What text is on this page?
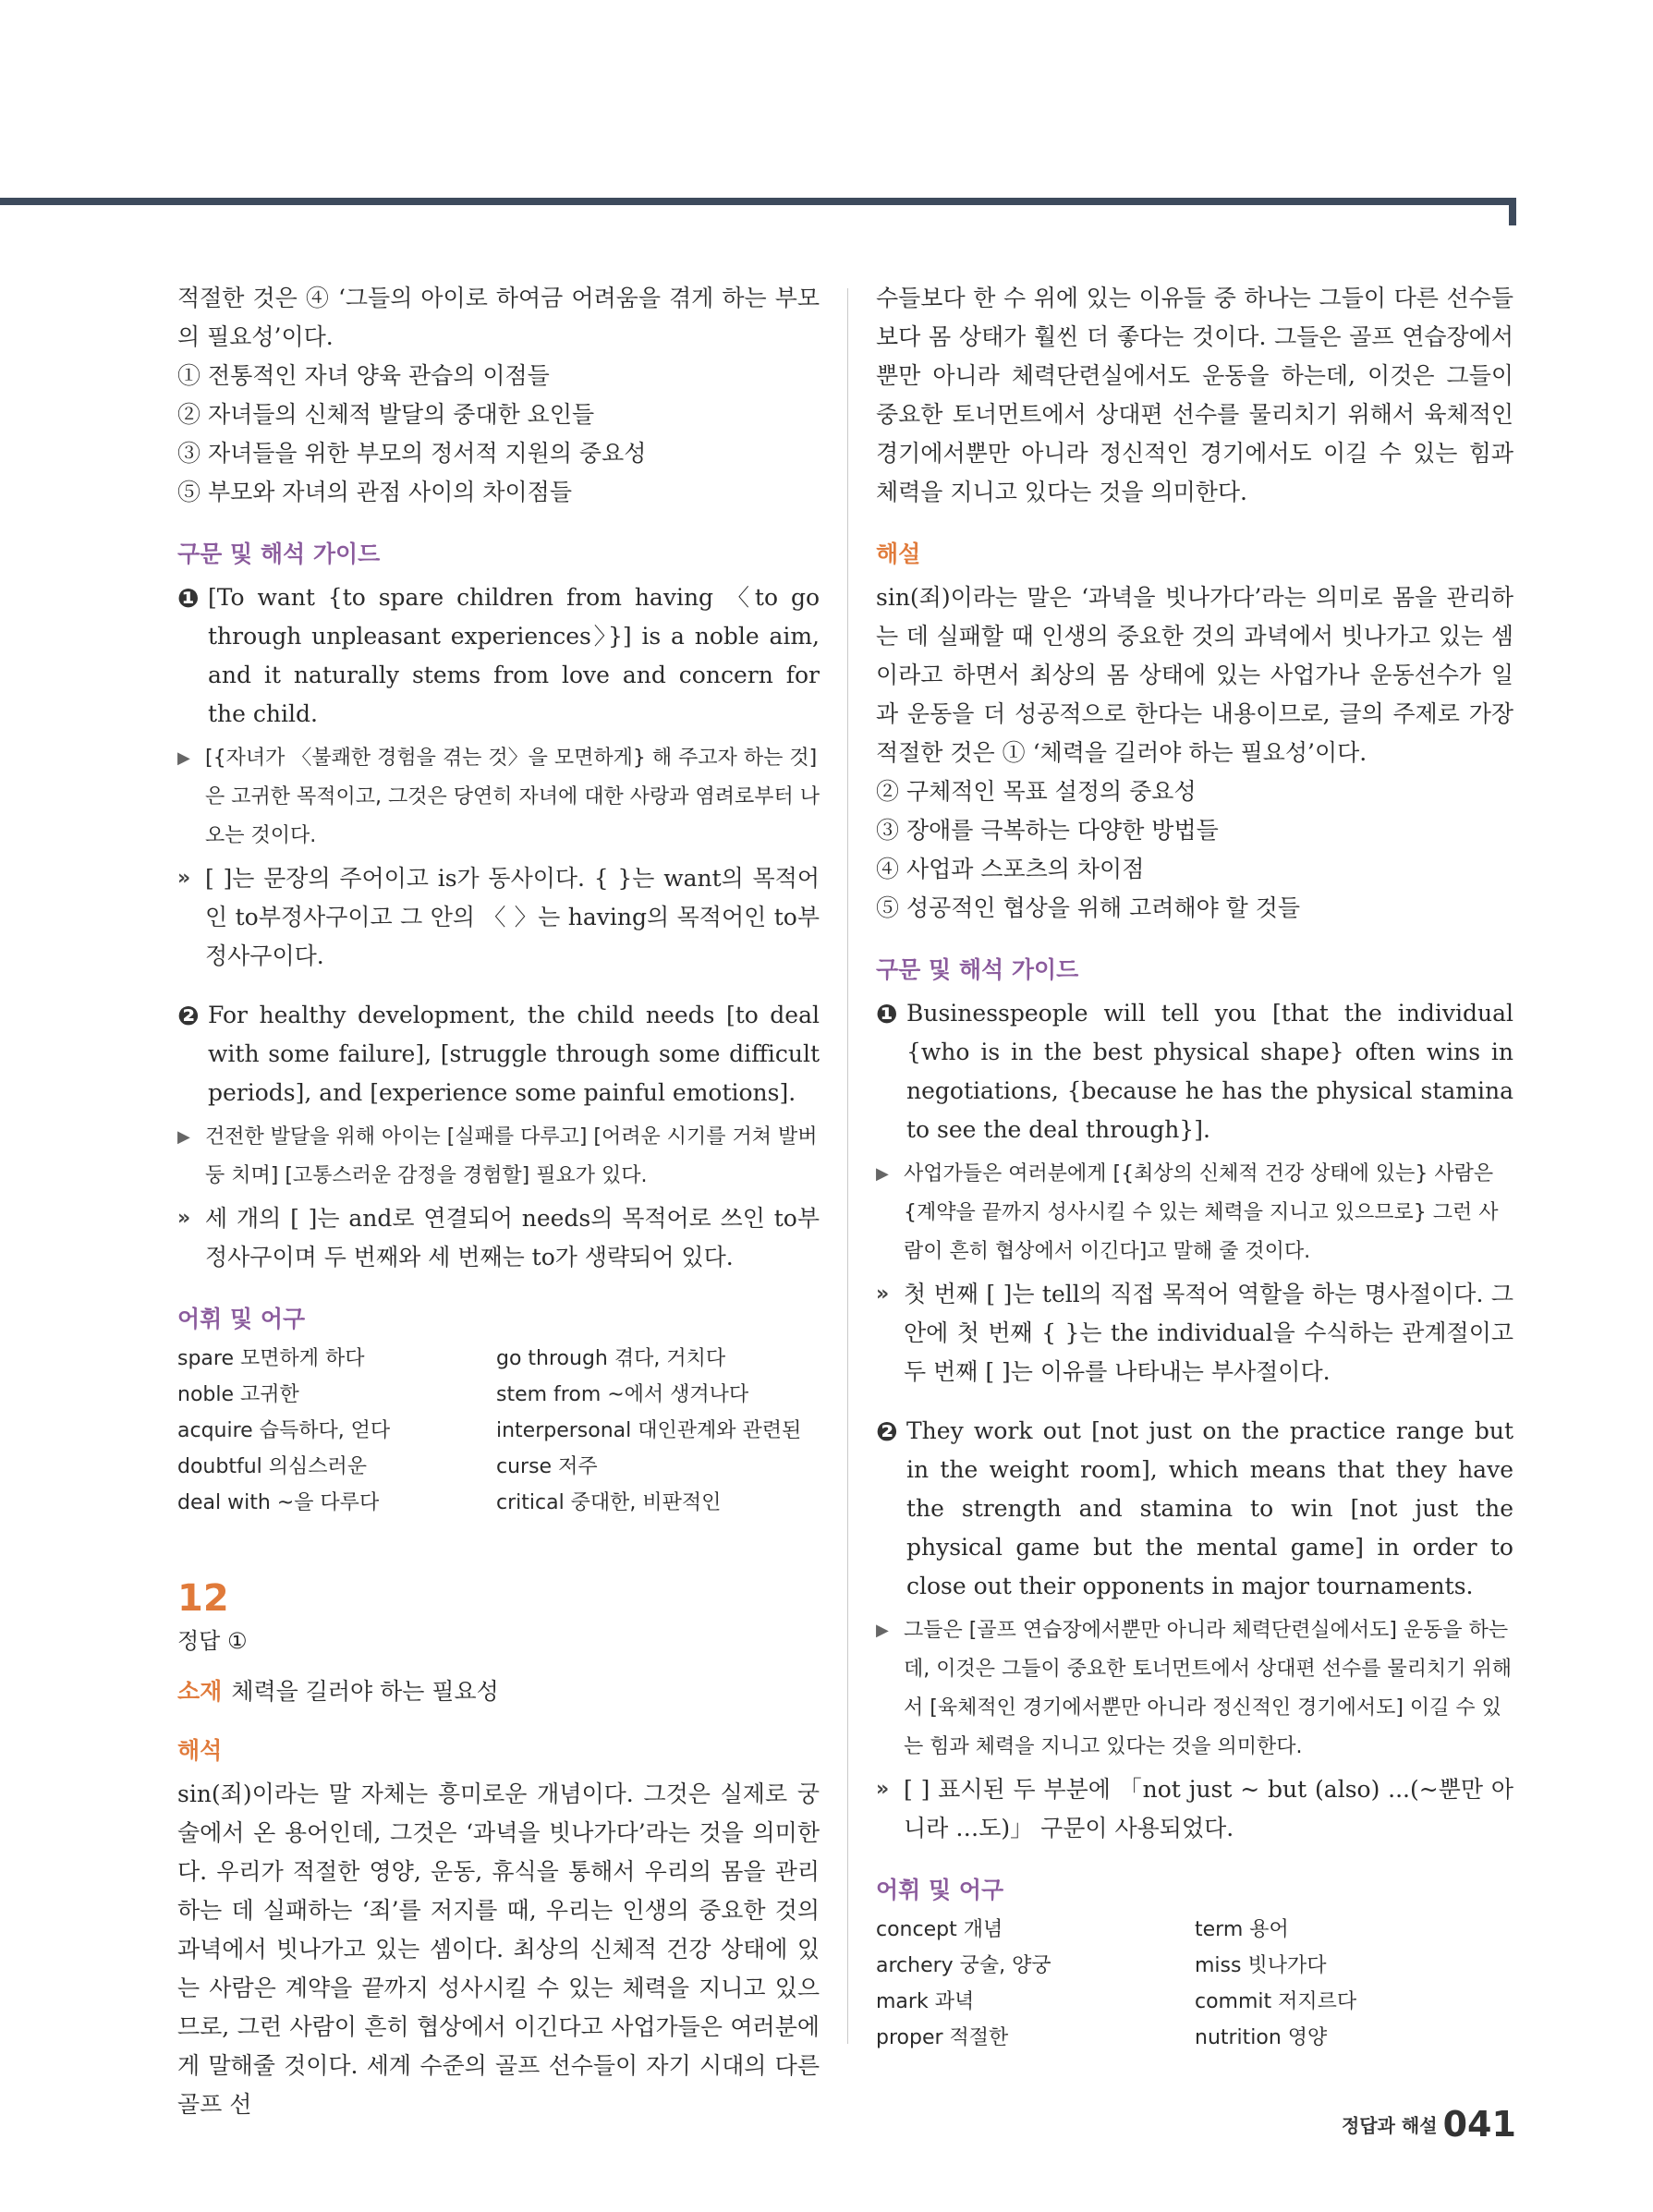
적절한 것은 ④ ‘그들의 아이로 하여금 어려움을 겪게 하는 부모의 필요성’이다.

① 전통적인 자녀 양육 관습의 이점들
② 자녀들의 신체적 발달의 중대한 요인들
③ 자녀들을 위한 부모의 정서적 지원의 중요성
⑤ 부모와 자녀의 관점 사이의 차이점들
구문 및 해석 가이드
❶ [To want {to spare children from having 〈to go through unpleasant experiences〉}] is a noble aim, and it naturally stems from love and concern for the child.

▶ [{자녀가 〈불쾌한 경험을 겪는 것〉을 모면하게} 해 주고자 하는 것]은 고귀한 목적이고, 그것은 당연히 자녀에 대한 사랑과 염려로부터 나오는 것이다.

» [ ]는 문장의 주어이고 is가 동사이다. { }는 want의 목적어인 to부정사구이고 그 안의 〈 〉는 having의 목적어인 to부정사구이다.

❷ For healthy development, the child needs [to deal with some failure], [struggle through some difficult periods], and [experience some painful emotions].

▶ 건전한 발달을 위해 아이는 [실패를 다루고] [어려운 시기를 거쳐 발버둥 치며] [고통스러운 감정을 경험할] 필요가 있다.

» 세 개의 [ ]는 and로 연결되어 needs의 목적어로 쓰인 to부정사구이며 두 번째와 세 번째는 to가 생략되어 있다.

어휘 및 어구
spare 모면하게 하다	go through 겪다, 거치다
noble 고귀한	stem from ~에서 생겨나다
acquire 습득하다, 얻다	interpersonal 대인관계와 관련된
doubtful 의심스러운	curse 저주
deal with ~을 다루다	critical 중대한, 비판적인
12
정답 ①
소재 체력을 길러야 하는 필요성
해석

sin(죄)이라는 말 자체는 흥미로운 개념이다. 그것은 실제로 궁술에서 온 용어인데, 그것은 ‘과녁을 빗나가다’라는 것을 의미한다. 우리가 적절한 영양, 운동, 휴식을 통해서 우리의 몸을 관리하는 데 실패하는 ‘죄’를 저지를 때, 우리는 인생의 중요한 것의 과녁에서 빗나가고 있는 셈이다. 최상의 신체적 건강 상태에 있는 사람은 계약을 끝까지 성사시킬 수 있는 체력을 지니고 있으므로, 그런 사람이 흔히 협상에서 이긴다고 사업가들은 여러분에게 말해줄 것이다. 세계 수준의 골프 선수들이 자기 시대의 다른 골프 선

수들보다 한 수 위에 있는 이유들 중 하나는 그들이 다른 선수들보다 몸 상태가 훨씬 더 좋다는 것이다. 그들은 골프 연습장에서뿐만 아니라 체력단련실에서도 운동을 하는데, 이것은 그들이 중요한 토너먼트에서 상대편 선수를 물리치기 위해서 육체적인 경기에서뿐만 아니라 정신적인 경기에서도 이길 수 있는 힘과 체력을 지니고 있다는 것을 의미한다.

해설

sin(죄)이라는 말은 ‘과녁을 빗나가다’라는 의미로 몸을 관리하는 데 실패할 때 인생의 중요한 것의 과녁에서 빗나가고 있는 셈이라고 하면서 최상의 몸 상태에 있는 사업가나 운동선수가 일과 운동을 더 성공적으로 한다는 내용이므로, 글의 주제로 가장 적절한 것은 ① ‘체력을 길러야 하는 필요성’이다.

② 구체적인 목표 설정의 중요성
③ 장애를 극복하는 다양한 방법들
④ 사업과 스포츠의 차이점
⑤ 성공적인 협상을 위해 고려해야 할 것들
구문 및 해석 가이드
❶ Businesspeople will tell you [that the individual {who is in the best physical shape} often wins in negotiations, {because he has the physical stamina to see the deal through}].

▶ 사업가들은 여러분에게 [{최상의 신체적 건강 상태에 있는} 사람은 {계약을 끝까지 성사시킬 수 있는 체력을 지니고 있으므로} 그런 사람이 흔히 협상에서 이긴다]고 말해 줄 것이다.

» 첫 번째 [ ]는 tell의 직접 목적어 역할을 하는 명사절이다. 그 안에 첫 번째 { }는 the individual을 수식하는 관계절이고 두 번째 [ ]는 이유를 나타내는 부사절이다.

❷ They work out [not just on the practice range but in the weight room], which means that they have the strength and stamina to win [not just the physical game but the mental game] in order to close out their opponents in major tournaments.

▶ 그들은 [골프 연습장에서뿐만 아니라 체력단련실에서도] 운동을 하는데, 이것은 그들이 중요한 토너먼트에서 상대편 선수를 물리치기 위해서 [육체적인 경기에서뿐만 아니라 정신적인 경기에서도] 이길 수 있는 힘과 체력을 지니고 있다는 것을 의미한다.

» [ ] 표시된 두 부분에 「not just ~ but (also) ...(~뿐만 아니라 …도)」 구문이 사용되었다.

어휘 및 어구
concept 개념	term 용어
archery 궁술, 양궁	miss 빗나가다
mark 과녁	commit 저지르다
proper 적절한	nutrition 영양
정답과 해설 041
